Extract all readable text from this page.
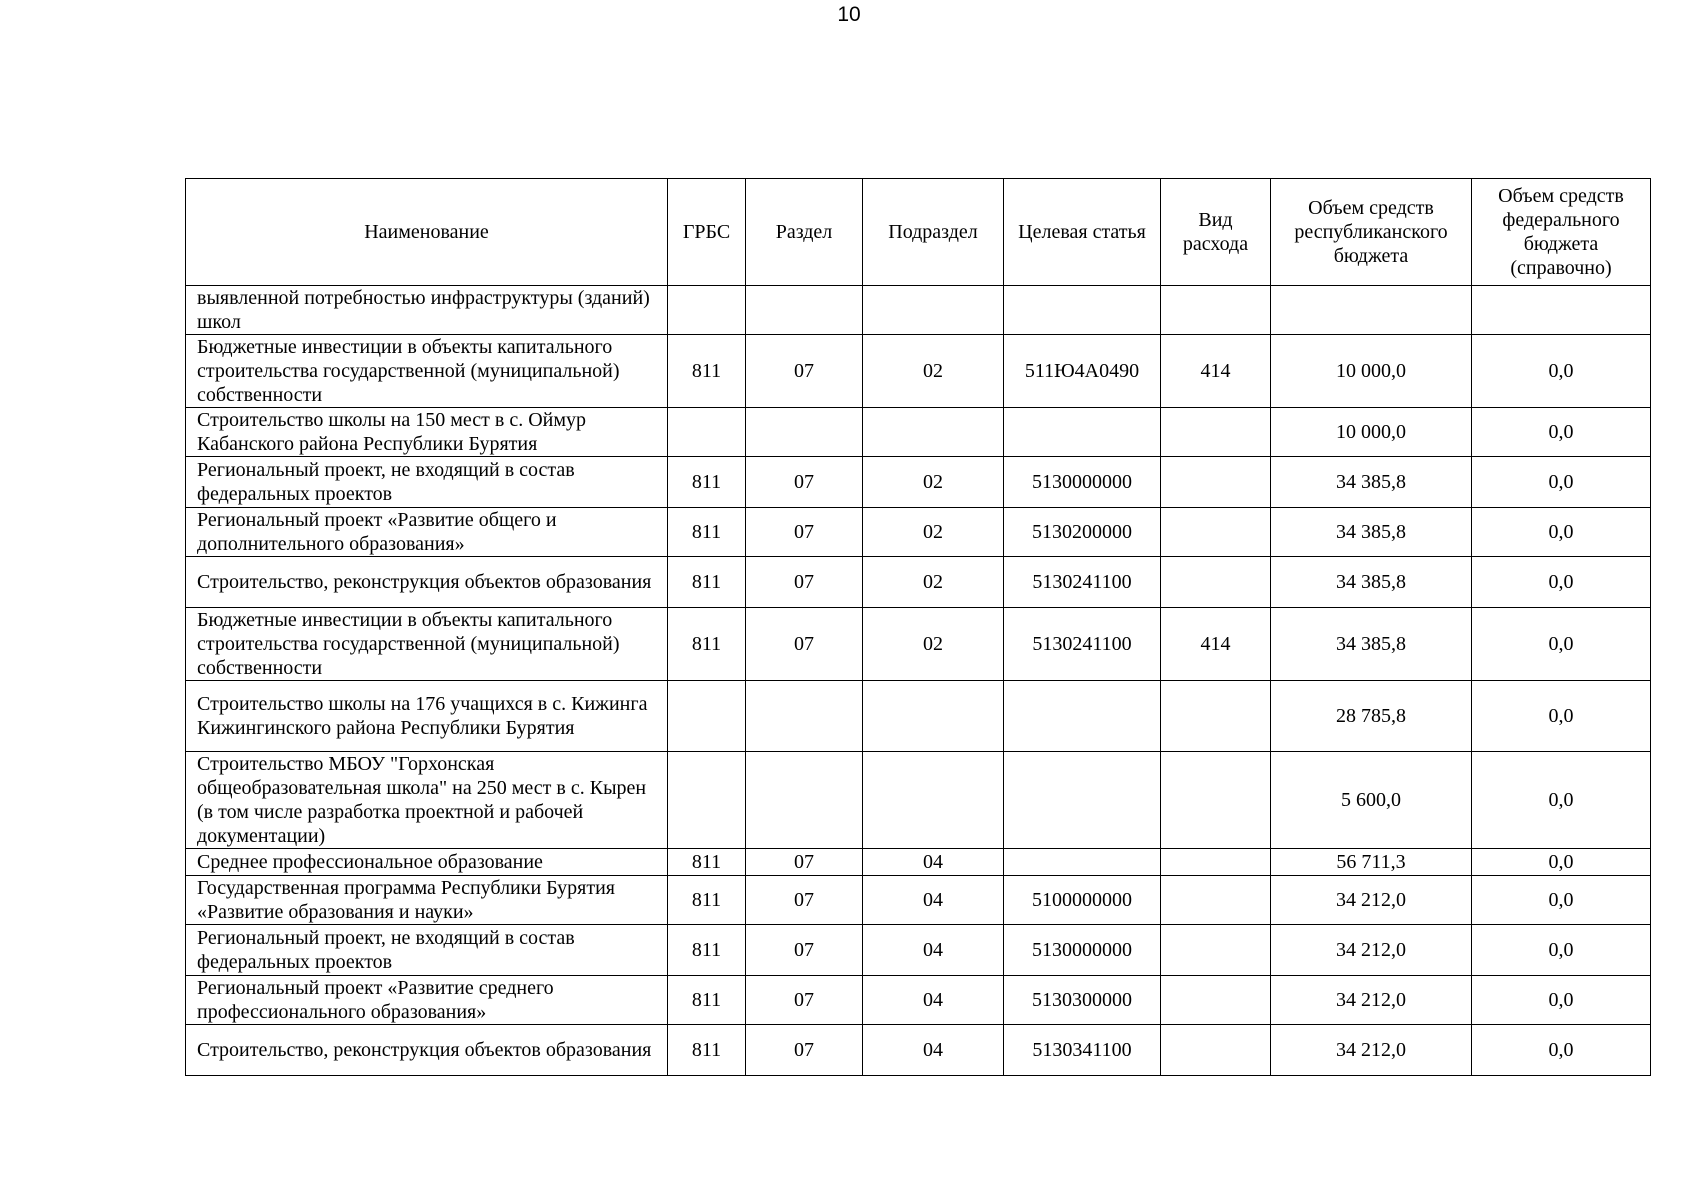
10
Наименование	ГРБС	Раздел	Подраздел	Целевая статья	Вид расхода	Объем средств республиканского бюджета	Объем средств федерального бюджета (справочно)
выявленной потребностью инфраструктуры (зданий) школ							
Бюджетные инвестиции в объекты капитального строительства государственной (муниципальной) собственности	811	07	02	511Ю4А0490	414	10 000,0	0,0
Строительство школы на 150 мест в с. Оймур Кабанского района Республики Бурятия						10 000,0	0,0
Региональный проект, не входящий в состав федеральных проектов	811	07	02	5130000000		34 385,8	0,0
Региональный проект «Развитие общего и дополнительного образования»	811	07	02	5130200000		34 385,8	0,0
Строительство, реконструкция объектов образования	811	07	02	5130241100		34 385,8	0,0
Бюджетные инвестиции в объекты капитального строительства государственной (муниципальной) собственности	811	07	02	5130241100	414	34 385,8	0,0
Строительство школы на 176 учащихся в с. Кижинга Кижингинского района Республики Бурятия						28 785,8	0,0
Строительство МБОУ "Горхонская общеобразовательная школа" на 250 мест в с. Кырен (в том числе разработка проектной и рабочей документации)						5 600,0	0,0
Среднее профессиональное образование	811	07	04			56 711,3	0,0
Государственная программа Республики Бурятия «Развитие образования и науки»	811	07	04	5100000000		34 212,0	0,0
Региональный проект, не входящий в состав федеральных проектов	811	07	04	5130000000		34 212,0	0,0
Региональный проект «Развитие среднего профессионального образования»	811	07	04	5130300000		34 212,0	0,0
Строительство, реконструкция объектов образования	811	07	04	5130341100		34 212,0	0,0
